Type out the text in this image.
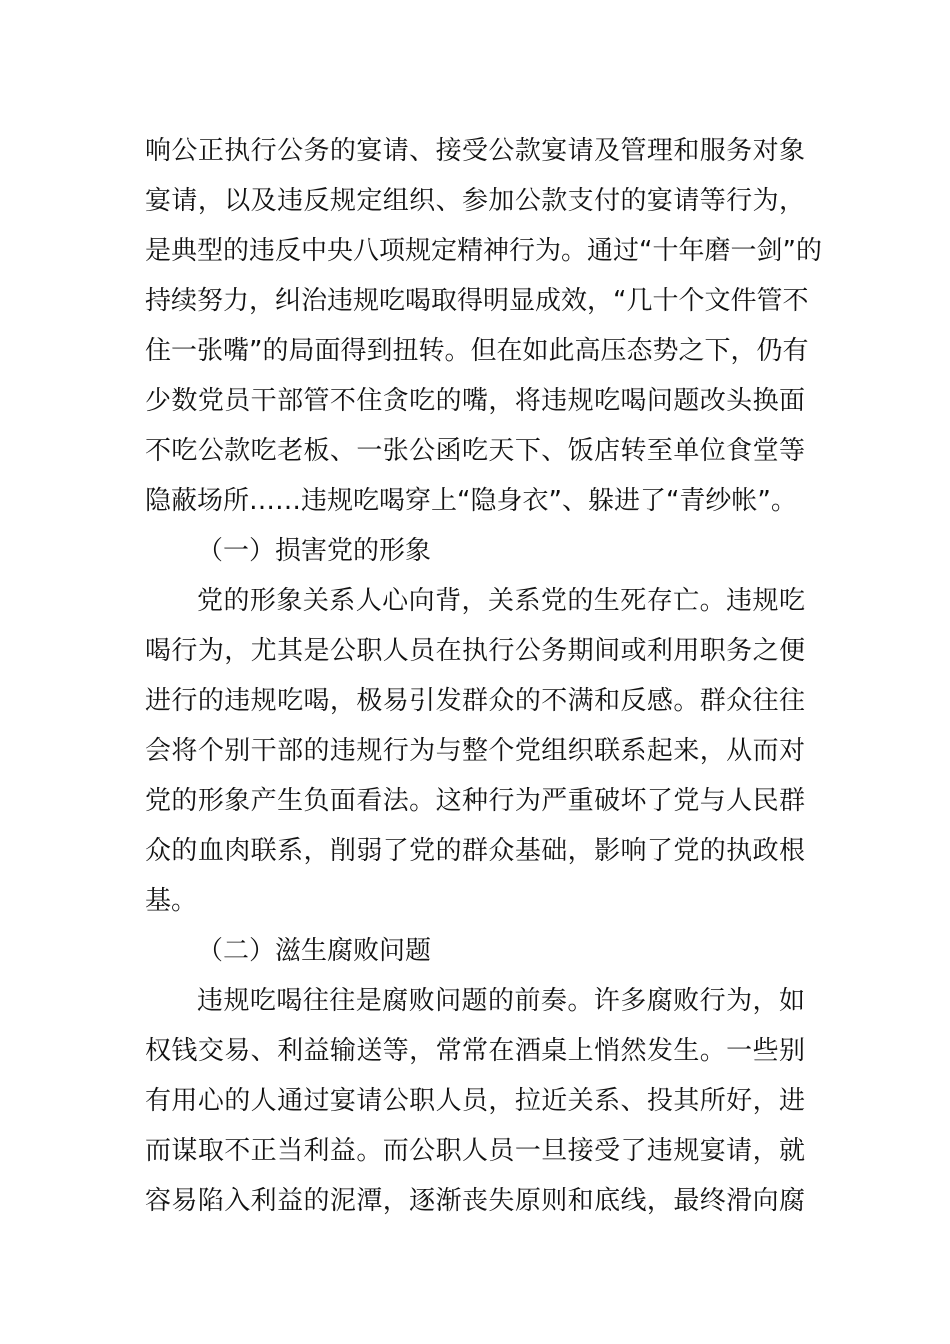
响公正执行公务的宴请、接受公款宴请及管理和服务对象
宴请，以及违反规定组织、参加公款支付的宴请等行为，
是典型的违反中央八项规定精神行为。通过“十年磨一剑”的
持续努力，纠治违规吃喝取得明显成效，“几十个文件管不
住一张嘴”的局面得到扭转。但在如此高压态势之下，仍有
少数党员干部管不住贪吃的嘴，将违规吃喝问题改头换面
不吃公款吃老板、一张公函吃天下、饭店转至单位食堂等
隐蔽场所……违规吃喝穿上“隐身衣”、躲进了“青纱帐”。
（一）损害党的形象
党的形象关系人心向背，关系党的生死存亡。违规吃
喝行为，尤其是公职人员在执行公务期间或利用职务之便
进行的违规吃喝，极易引发群众的不满和反感。群众往往
会将个别干部的违规行为与整个党组织联系起来，从而对
党的形象产生负面看法。这种行为严重破坏了党与人民群
众的血肉联系，削弱了党的群众基础，影响了党的执政根
基。
（二）滋生腐败问题
违规吃喝往往是腐败问题的前奏。许多腐败行为，如
权钱交易、利益输送等，常常在酒桌上悄然发生。一些别
有用心的人通过宴请公职人员，拉近关系、投其所好，进
而谋取不正当利益。而公职人员一旦接受了违规宴请，就
容易陷入利益的泥潭，逐渐丧失原则和底线，最终滑向腐
